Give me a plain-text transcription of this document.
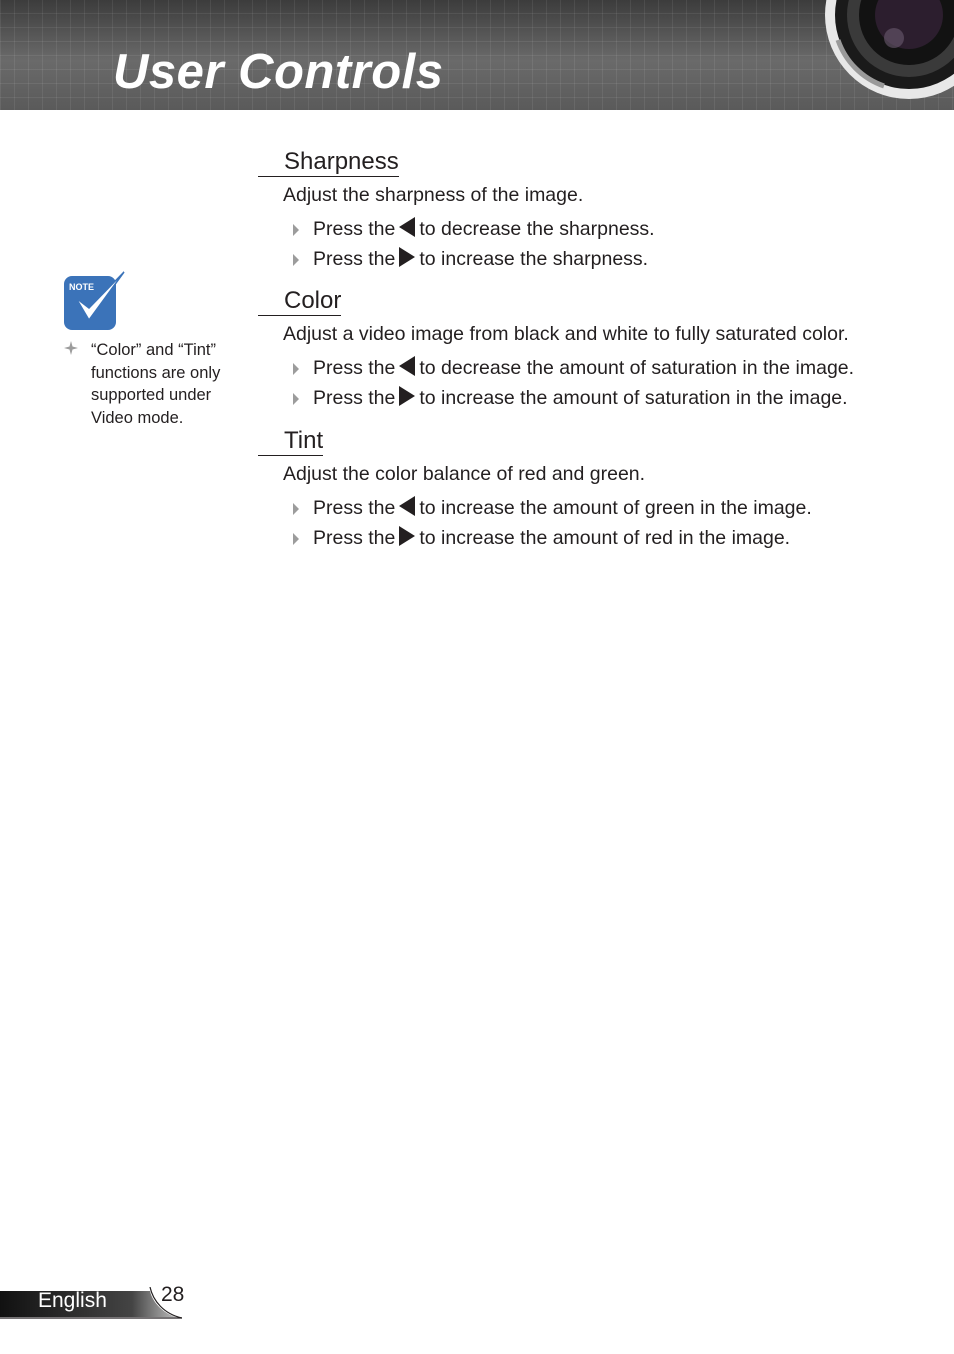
User Controls
NOTE

“Color” and “Tint” functions are only supported under Video mode.

Sharpness

Adjust the sharpness of the image.

Press the to decrease the sharpness.
Press the to increase the sharpness.
Color

Adjust a video image from black and white to fully saturated color.

Press the to decrease the amount of saturation in the image.
Press the to increase the amount of saturation in the image.
Tint

Adjust the color balance of red and green.

Press the to increase the amount of green in the image.
Press the to increase the amount of red in the image.
English	28
